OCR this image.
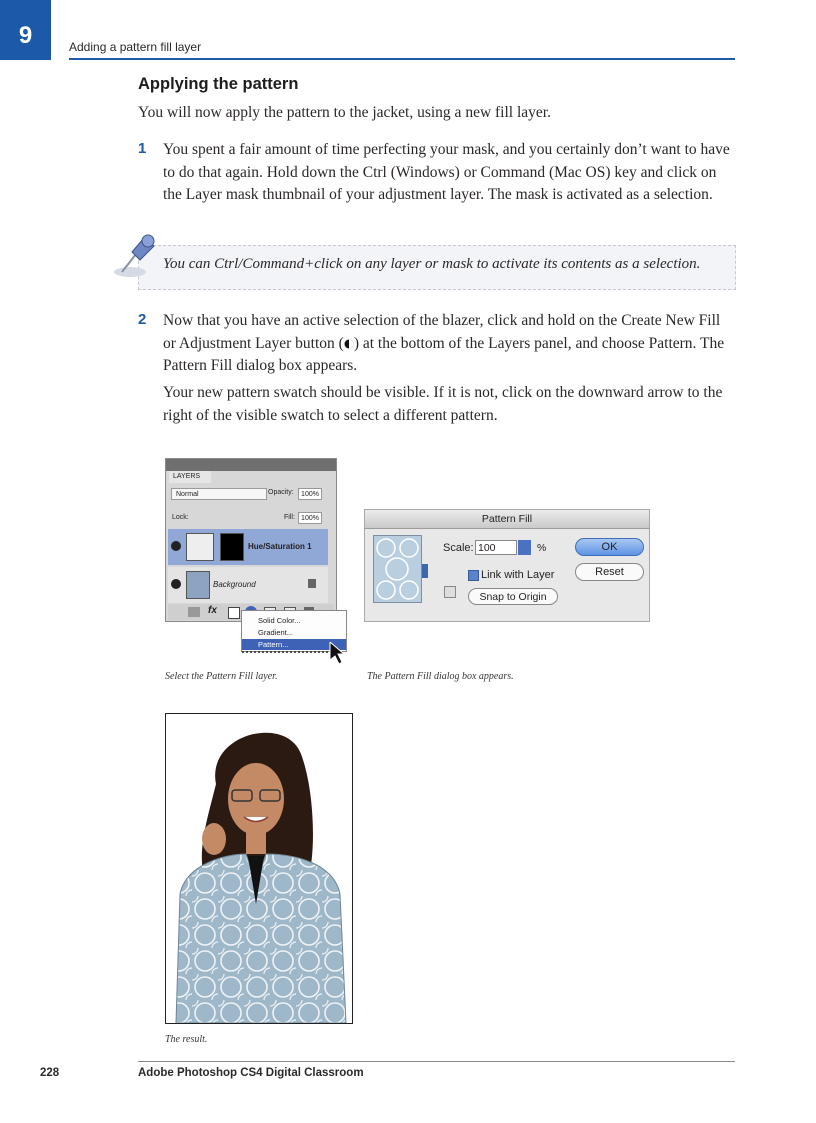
9	Adding a pattern fill layer
Applying the pattern
You will now apply the pattern to the jacket, using a new fill layer.
1 You spent a fair amount of time perfecting your mask, and you certainly don’t want to have to do that again. Hold down the Ctrl (Windows) or Command (Mac OS) key and click on the Layer mask thumbnail of your adjustment layer. The mask is activated as a selection.
You can Ctrl/Command+click on any layer or mask to activate its contents as a selection.
2 Now that you have an active selection of the blazer, click and hold on the Create New Fill or Adjustment Layer button ( ) at the bottom of the Layers panel, and choose Pattern. The Pattern Fill dialog box appears.
Your new pattern swatch should be visible. If it is not, click on the downward arrow to the right of the visible swatch to select a different pattern.
LAYERS
Normal	Opacity:	100%
Lock:	Fill: 100%
Hue/Saturation 1
Background
fx
Solid Color...
Gradient...
Pattern...
Pattern Fill
Scale: 100	%
Link with Layer
Snap to Origin
OK
Reset
Select the Pattern Fill layer.	The Pattern Fill dialog box appears.
The result.
228	Adobe Photoshop CS4 Digital Classroom
